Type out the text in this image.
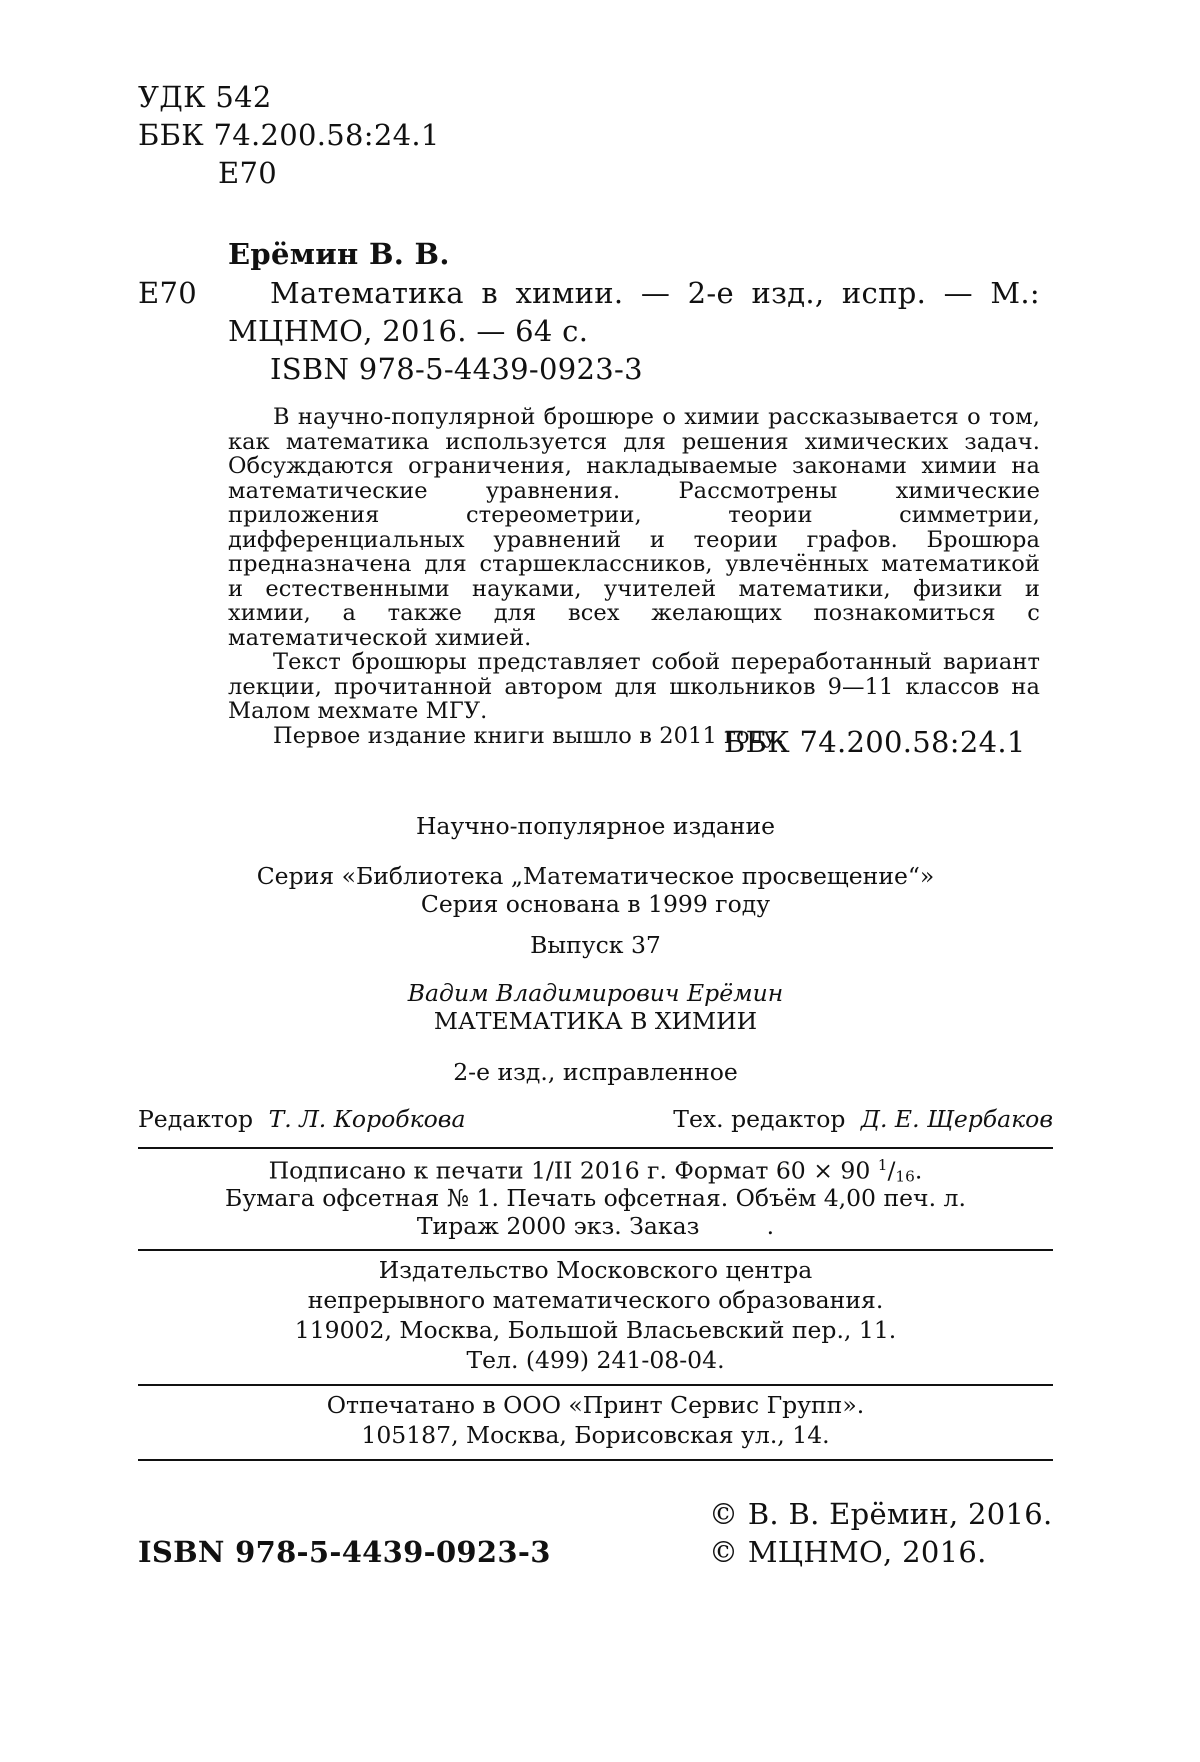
УДК 542
ББК 74.200.58:24.1
Е70
Ерёмин В. В.
Е70	Математика в химии. — 2-е изд., испр. — М.:
МЦНМО, 2016. — 64 с.
ISBN 978-5-4439-0923-3

В научно-популярной брошюре о химии рассказывается о том, как математика используется для решения химических задач. Обсуждаются ограничения, накладываемые законами химии на математические уравнения. Рассмотрены химические приложения стереометрии, теории симметрии, дифференциальных уравнений и теории графов. Брошюра предназначена для старшеклассников, увлечённых математикой и естественными науками, учителей математики, физики и химии, а также для всех желающих познакомиться с математической химией.

Текст брошюры представляет собой переработанный вариант лекции, прочитанной автором для школьников 9—11 классов на Малом мехмате МГУ.

Первое издание книги вышло в 2011 году.

ББК 74.200.58:24.1
Научно-популярное издание
Серия «Библиотека „Математическое просвещение“»
Серия основана в 1999 году
Выпуск 37
Вадим Владимирович Ерёмин
МАТЕМАТИКА В ХИМИИ
2-е изд., исправленное
Редактор Т. Л. Коробкова	Тех. редактор Д. Е. Щербаков
Подписано к печати 1/II 2016 г. Формат 60 × 90 $^1/_{16}$.
Бумага офсетная № 1. Печать офсетная. Объём 4,00 печ. л.
Тираж 2000 экз. Заказ         .
Издательство Московского центра
непрерывного математического образования.
119002, Москва, Большой Власьевский пер., 11.
Тел. (499) 241-08-04.
Отпечатано в ООО «Принт Сервис Групп».
105187, Москва, Борисовская ул., 14.
ISBN 978-5-4439-0923-3
© В. В. Ерёмин, 2016.
© МЦНМО, 2016.
